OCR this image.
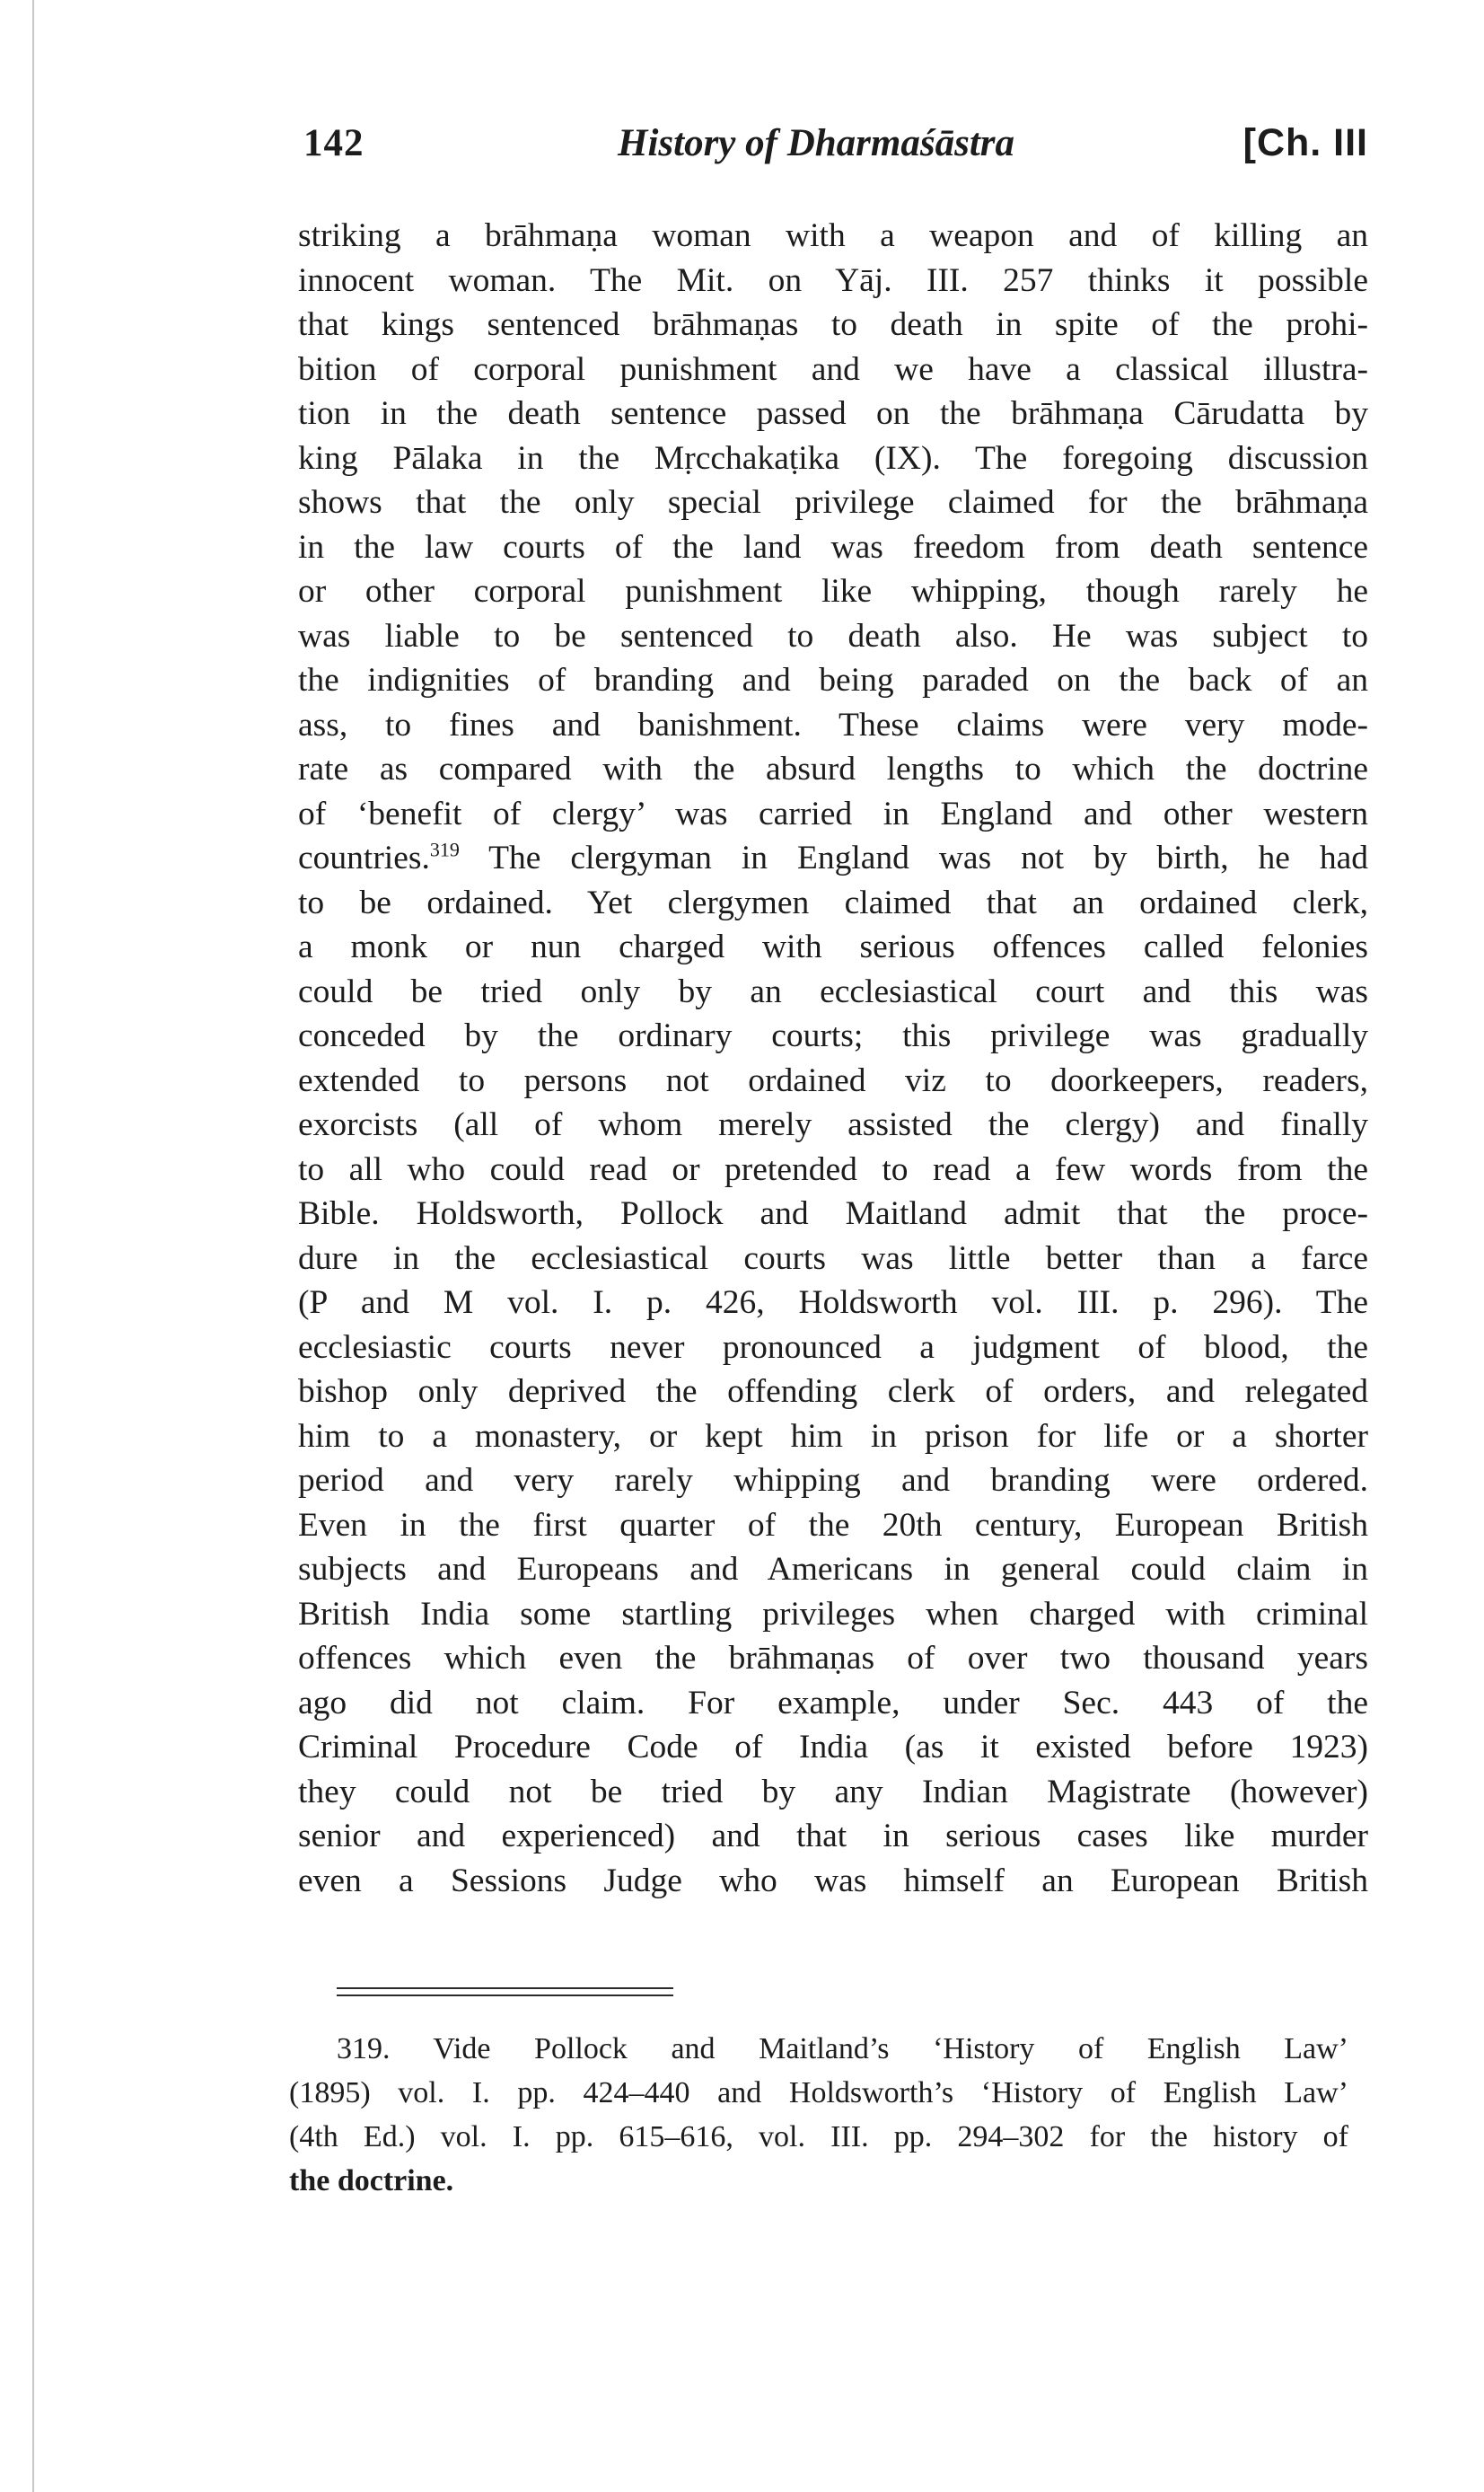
142	History of Dharmaśāstra	[Ch. III
striking a brāhmaṇa woman with a weapon and of killing an
innocent woman. The Mit. on Yāj. III. 257 thinks it possible
that kings sentenced brāhmaṇas to death in spite of the prohi-
bition of corporal punishment and we have a classical illustra-
tion in the death sentence passed on the brāhmaṇa Cārudatta by
king Pālaka in the Mṛcchakaṭika (IX). The foregoing discussion
shows that the only special privilege claimed for the brāhmaṇa
in the law courts of the land was freedom from death sentence
or other corporal punishment like whipping, though rarely he
was liable to be sentenced to death also. He was subject to
the indignities of branding and being paraded on the back of an
ass, to fines and banishment. These claims were very mode-
rate as compared with the absurd lengths to which the doctrine
of ‘benefit of clergy’ was carried in England and other western
countries.$^{319}$ The clergyman in England was not by birth, he had
to be ordained. Yet clergymen claimed that an ordained clerk,
a monk or nun charged with serious offences called felonies
could be tried only by an ecclesiastical court and this was
conceded by the ordinary courts; this privilege was gradually
extended to persons not ordained viz to doorkeepers, readers,
exorcists (all of whom merely assisted the clergy) and finally
to all who could read or pretended to read a few words from the
Bible. Holdsworth, Pollock and Maitland admit that the proce-
dure in the ecclesiastical courts was little better than a farce
(P and M vol. I. p. 426, Holdsworth vol. III. p. 296). The
ecclesiastic courts never pronounced a judgment of blood, the
bishop only deprived the offending clerk of orders, and relegated
him to a monastery, or kept him in prison for life or a shorter
period and very rarely whipping and branding were ordered.
Even in the first quarter of the 20th century, European British
subjects and Europeans and Americans in general could claim in
British India some startling privileges when charged with criminal
offences which even the brāhmaṇas of over two thousand years
ago did not claim. For example, under Sec. 443 of the
Criminal Procedure Code of India (as it existed before 1923)
they could not be tried by any Indian Magistrate (however)
senior and experienced) and that in serious cases like murder
even a Sessions Judge who was himself an European British
319. Vide Pollock and Maitland’s ‘History of English Law’
(1895) vol. I. pp. 424–440 and Holdsworth’s ‘History of English Law’
(4th Ed.) vol. I. pp. 615–616, vol. III. pp. 294–302 for the history of
the doctrine.
